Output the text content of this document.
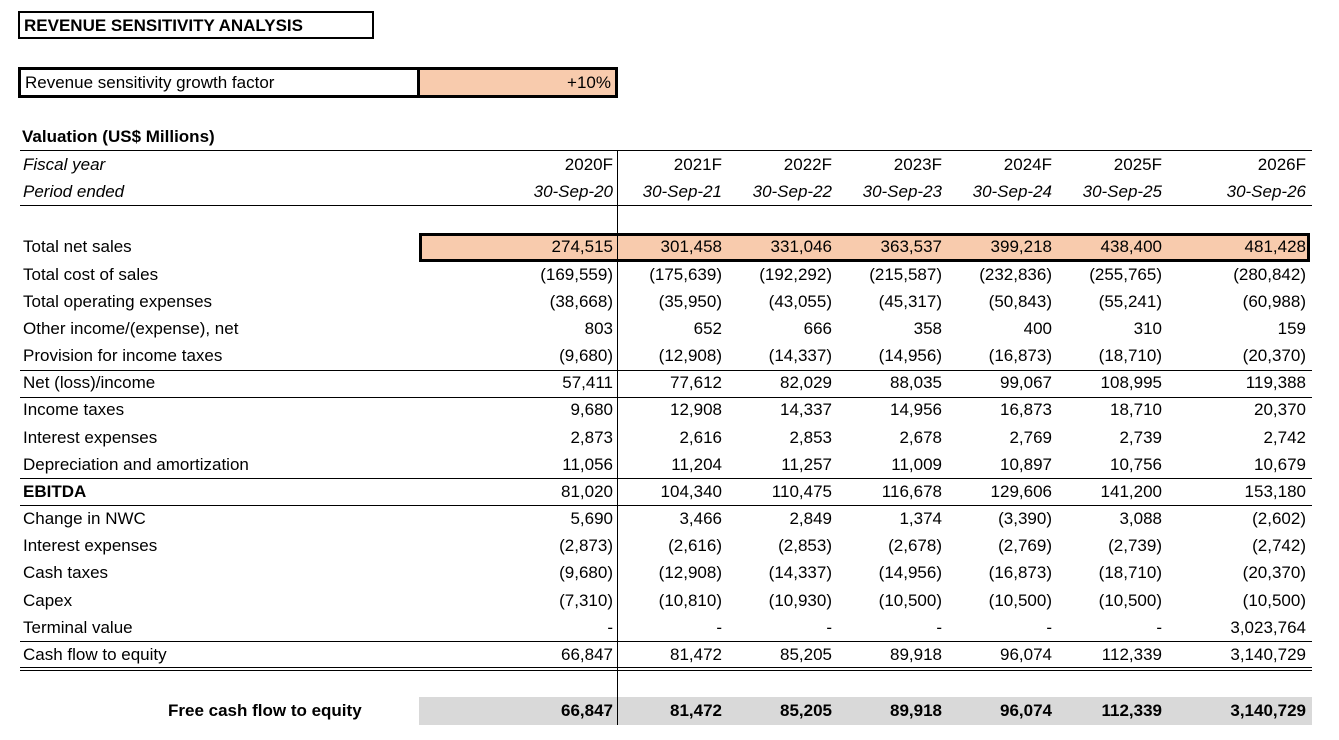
REVENUE SENSITIVITY ANALYSIS
Revenue sensitivity growth factor	+10%
Valuation (US$ Millions)
Fiscal year	2020F	2021F	2022F	2023F	2024F	2025F	2026F
Period ended	30-Sep-20	30-Sep-21	30-Sep-22	30-Sep-23	30-Sep-24	30-Sep-25	30-Sep-26
Total net sales	274,515	301,458	331,046	363,537	399,218	438,400	481,428
Total cost of sales	(169,559)	(175,639)	(192,292)	(215,587)	(232,836)	(255,765)	(280,842)
Total operating expenses	(38,668)	(35,950)	(43,055)	(45,317)	(50,843)	(55,241)	(60,988)
Other income/(expense), net	803	652	666	358	400	310	159
Provision for income taxes	(9,680)	(12,908)	(14,337)	(14,956)	(16,873)	(18,710)	(20,370)
Net (loss)/income	57,411	77,612	82,029	88,035	99,067	108,995	119,388
Income taxes	9,680	12,908	14,337	14,956	16,873	18,710	20,370
Interest expenses	2,873	2,616	2,853	2,678	2,769	2,739	2,742
Depreciation and amortization	11,056	11,204	11,257	11,009	10,897	10,756	10,679
EBITDA	81,020	104,340	110,475	116,678	129,606	141,200	153,180
Change in NWC	5,690	3,466	2,849	1,374	(3,390)	3,088	(2,602)
Interest expenses	(2,873)	(2,616)	(2,853)	(2,678)	(2,769)	(2,739)	(2,742)
Cash taxes	(9,680)	(12,908)	(14,337)	(14,956)	(16,873)	(18,710)	(20,370)
Capex	(7,310)	(10,810)	(10,930)	(10,500)	(10,500)	(10,500)	(10,500)
Terminal value	-	-	-	-	-	-	3,023,764
Cash flow to equity	66,847	81,472	85,205	89,918	96,074	112,339	3,140,729
Free cash flow to equity	66,847	81,472	85,205	89,918	96,074	112,339	3,140,729
